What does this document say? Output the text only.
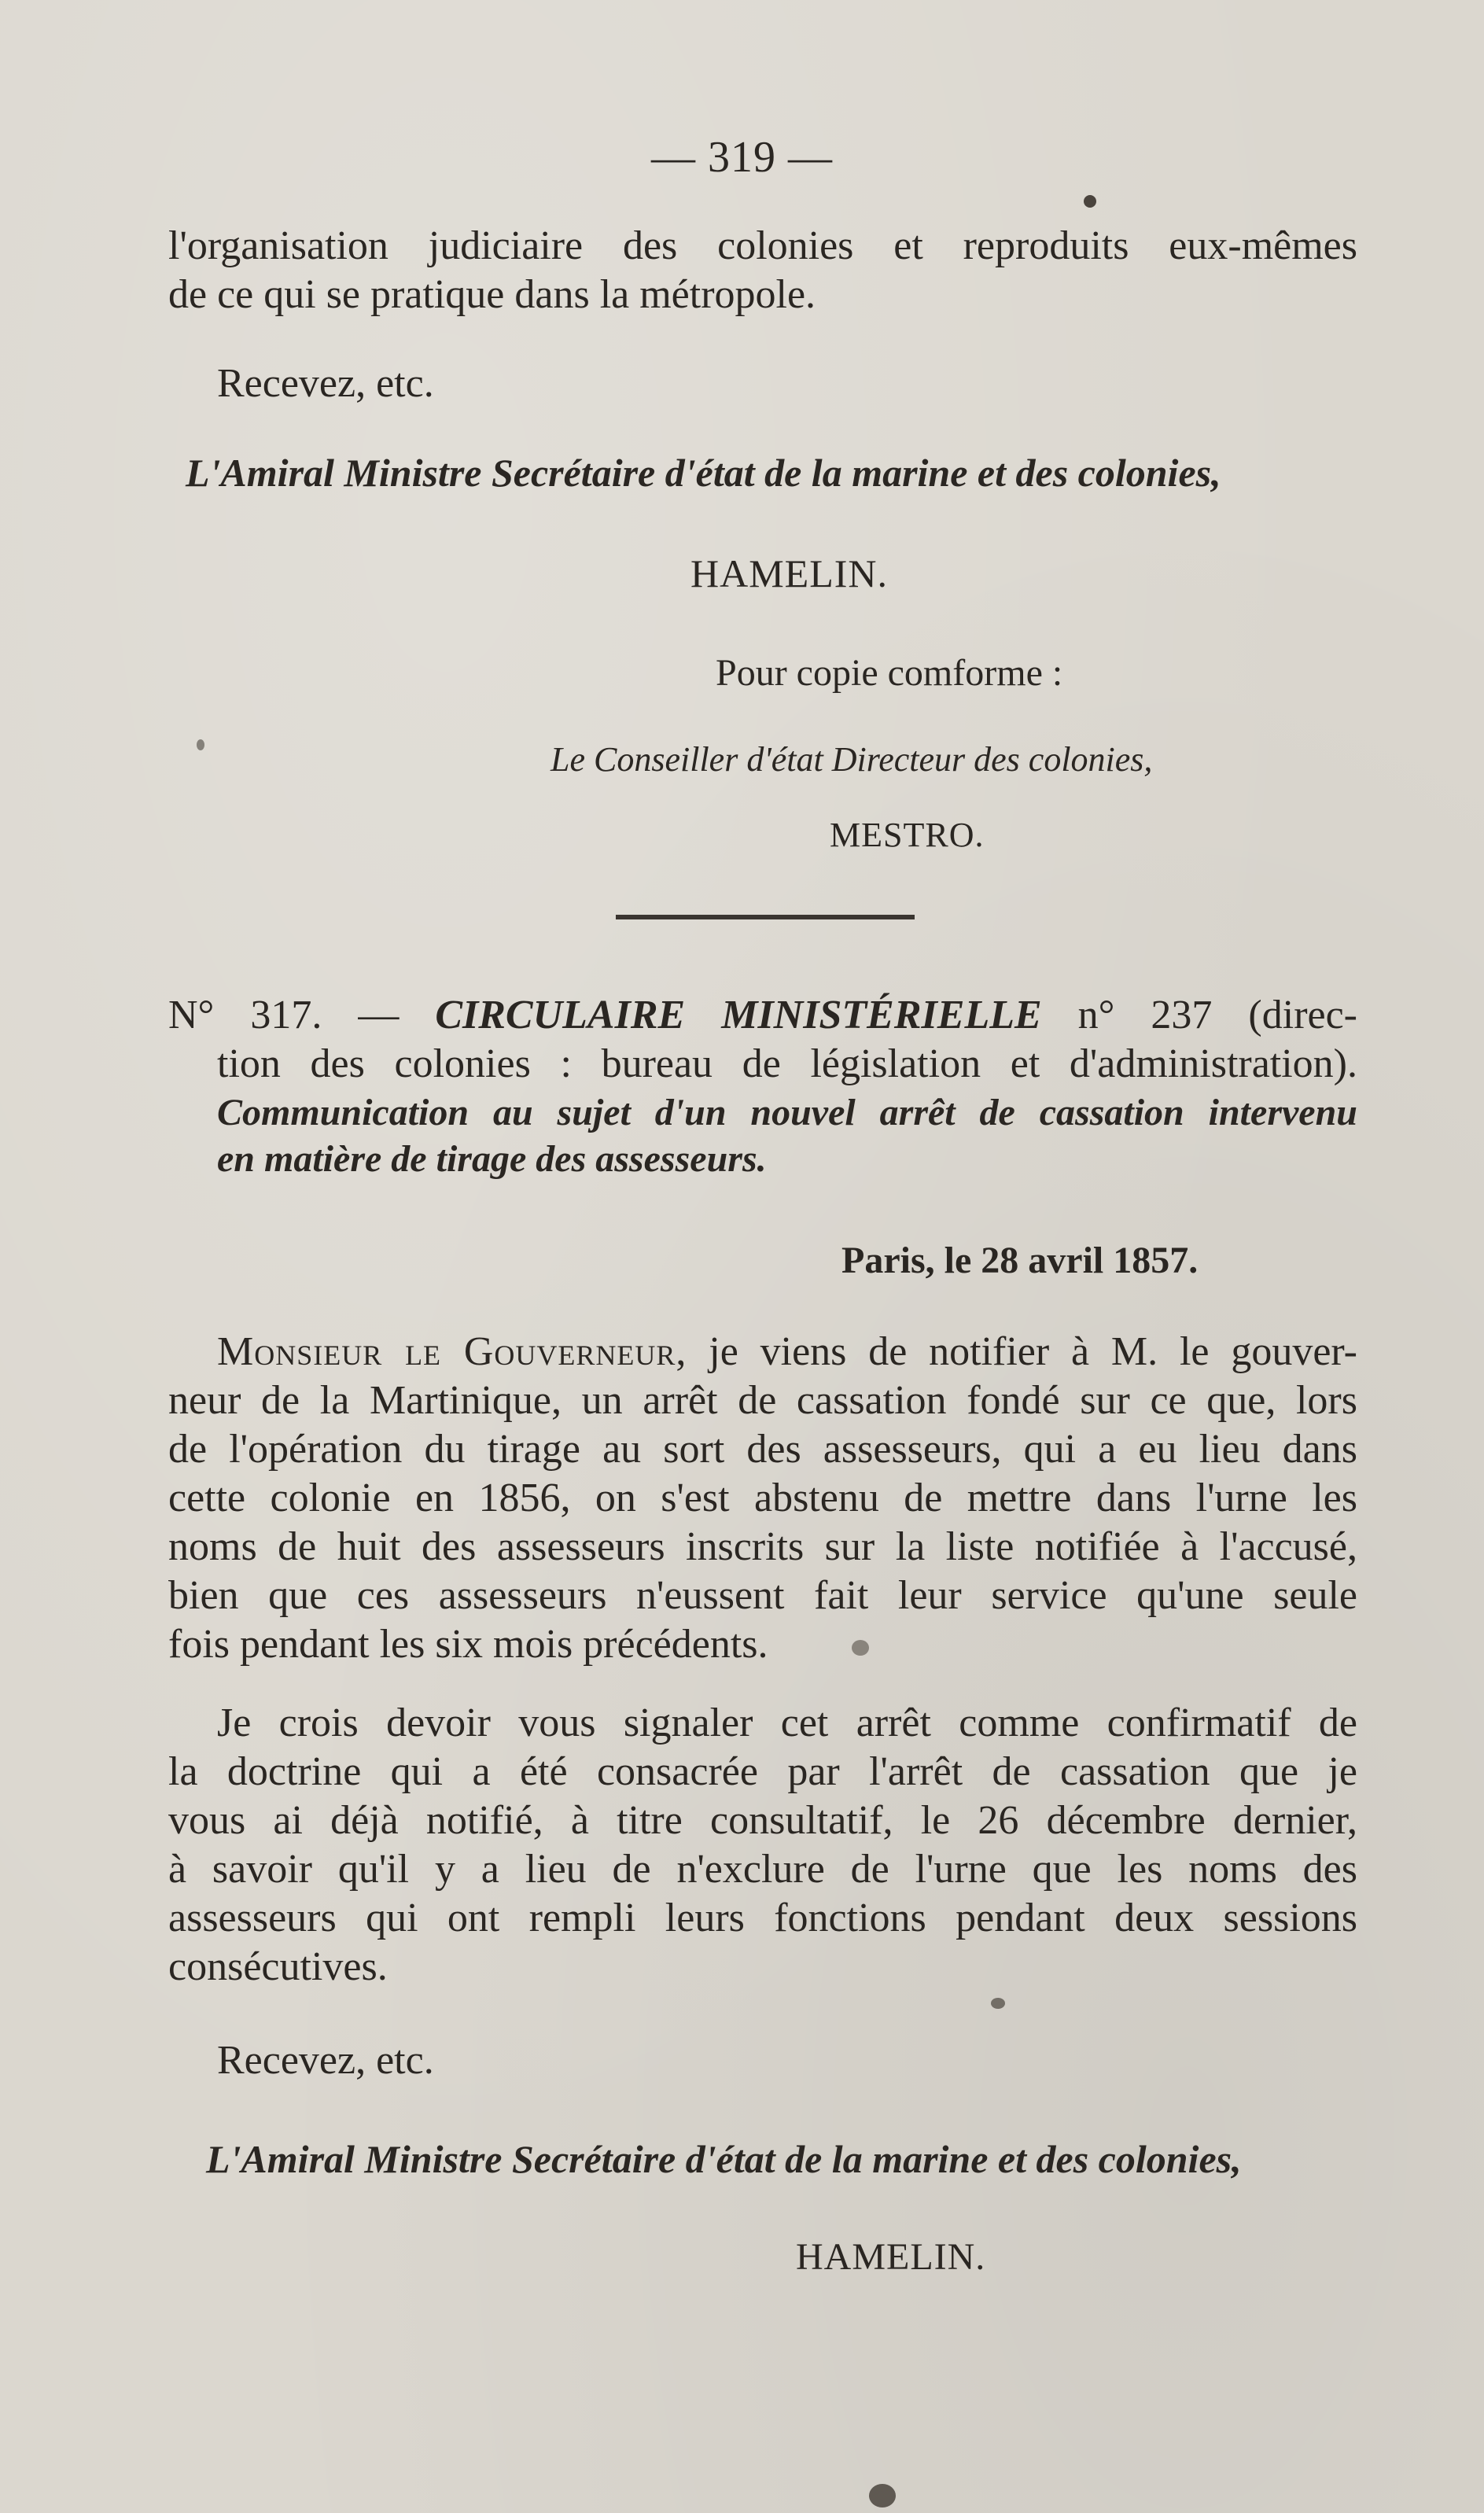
— 319 —
l'organisation judiciaire des colonies et reproduits eux-mêmes
de ce qui se pratique dans la métropole.
Recevez, etc.
L'Amiral Ministre Secrétaire d'état de la marine et des colonies,
HAMELIN.
Pour copie comforme :
Le Conseiller d'état Directeur des colonies,
MESTRO.
N° 317. — CIRCULAIRE MINISTÉRIELLE n° 237 (direc-
tion des colonies : bureau de législation et d'administration).
Communication au sujet d'un nouvel arrêt de cassation intervenu
en matière de tirage des assesseurs.
Paris, le 28 avril 1857.
Monsieur le Gouverneur, je viens de notifier à M. le gouver-
neur de la Martinique, un arrêt de cassation fondé sur ce que, lors
de l'opération du tirage au sort des assesseurs, qui a eu lieu dans
cette colonie en 1856, on s'est abstenu de mettre dans l'urne les
noms de huit des assesseurs inscrits sur la liste notifiée à l'accusé,
bien que ces assesseurs n'eussent fait leur service qu'une seule
fois pendant les six mois précédents.
Je crois devoir vous signaler cet arrêt comme confirmatif de
la doctrine qui a été consacrée par l'arrêt de cassation que je
vous ai déjà notifié, à titre consultatif, le 26 décembre dernier,
à savoir qu'il y a lieu de n'exclure de l'urne que les noms des
assesseurs qui ont rempli leurs fonctions pendant deux sessions
consécutives.
Recevez, etc.
L'Amiral Ministre Secrétaire d'état de la marine et des colonies,
HAMELIN.
